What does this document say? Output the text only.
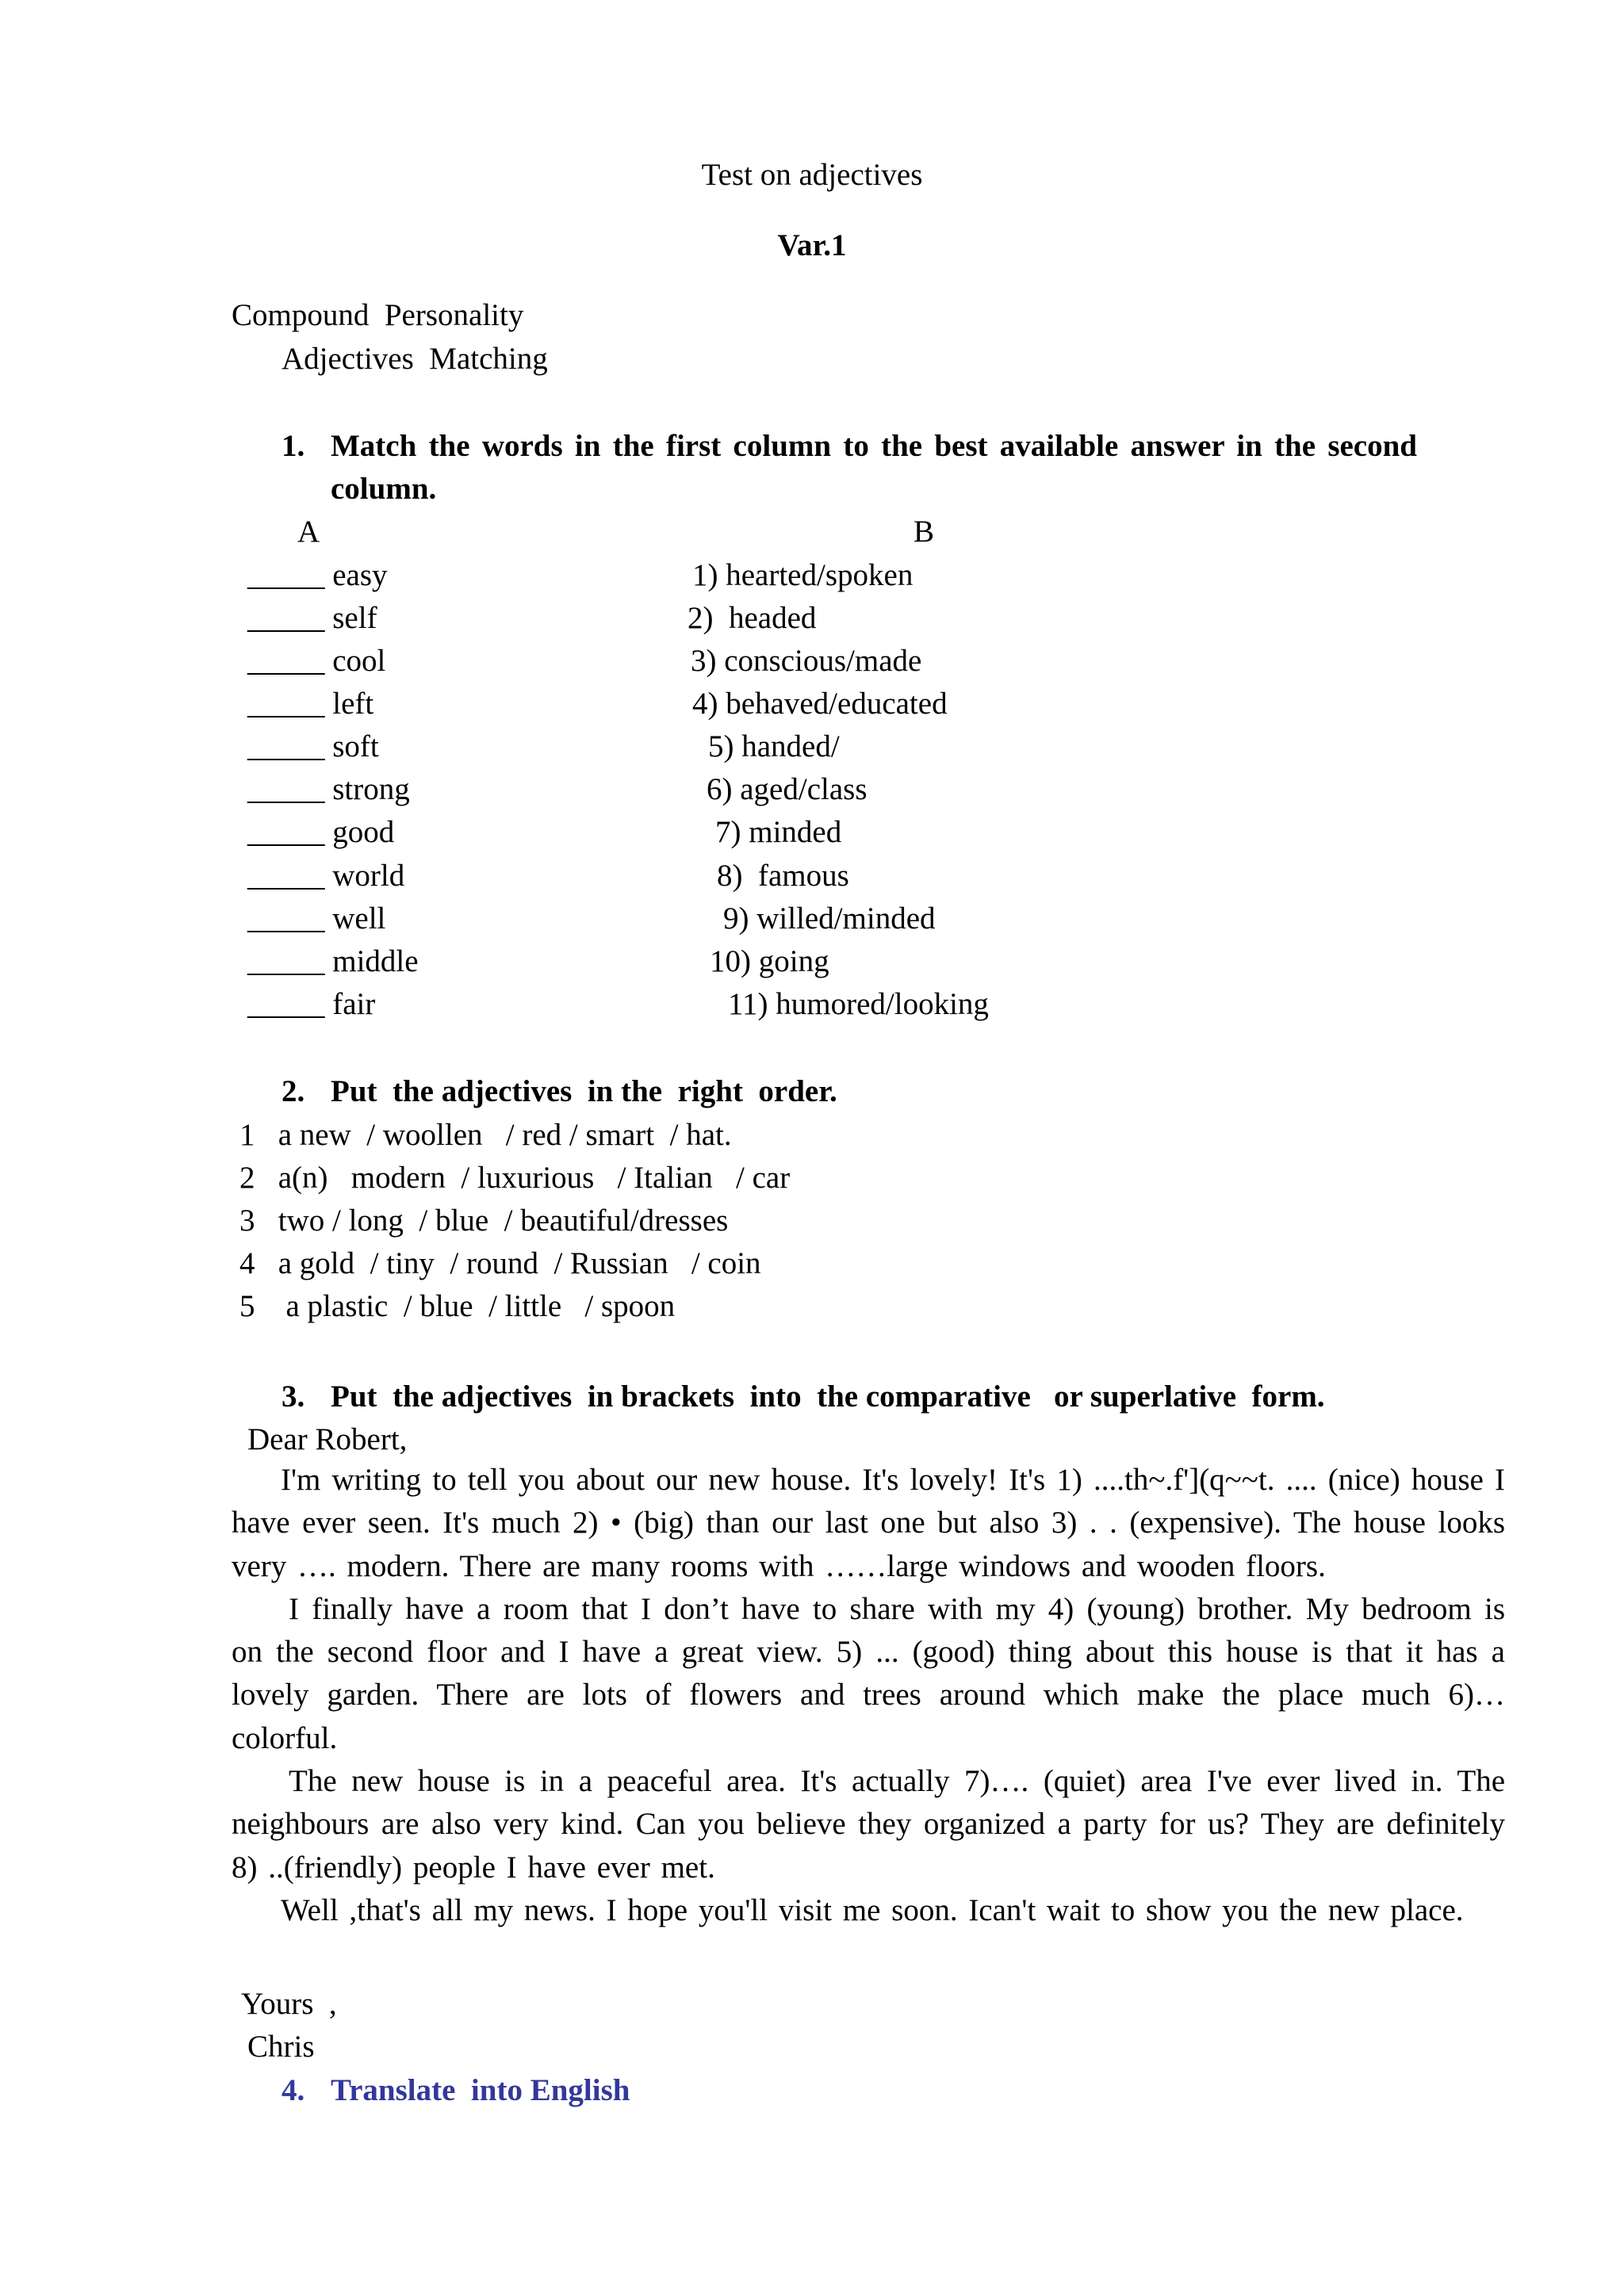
Test on adjectives
Var.1
Compound  Personality
Adjectives  Matching
1. Match the words in the first column to the best available answer in the second
column.
A	B
_____ easy	1) hearted/spoken
_____ self	2)  headed
_____ cool	3) conscious/made
_____ left	4) behaved/educated
_____ soft	5) handed/
_____ strong	6) aged/class
_____ good	7) minded
_____ world	8)  famous
_____ well	9) willed/minded
_____ middle	10) going
_____ fair	11) humored/looking
2. Put  the adjectives  in the  right  order.
1   a new  / woollen   / red / smart  / hat.
2   a(n)   modern  / luxurious   / Italian   / car
3   two / long  / blue  / beautiful/dresses
4   a gold  / tiny  / round  / Russian   / coin
5    a plastic  / blue  / little   / spoon
3. Put  the adjectives  in brackets  into  the comparative   or superlative  form.
Dear Robert,

I'm writing to tell you about our new house. It's lovely! It's 1) ....th~.f'](q~~t. .... (nice) house I have ever seen. It's much 2) • (big) than our last one but also 3) . . (expensive). The house looks very …. modern. There are many rooms with ……large windows and wooden floors.

I finally have a room that I don’t have to share with my 4) (young) brother. My bedroom is on the second floor and I have a great view. 5) ... (good) thing about this house is that it has a lovely garden. There are lots of flowers and trees around which make the place much 6)… colorful.

The new house is in a peaceful area. It's actually 7)…. (quiet) area I've ever lived in. The neighbours are also very kind. Can you believe they organized a party for us? They are definitely 8) ..(friendly) people I have ever met.

Well ,that's all my news. I hope you'll visit me soon. Ican't wait to show you the new place.

Yours  ,
Chris
4. Translate  into English
